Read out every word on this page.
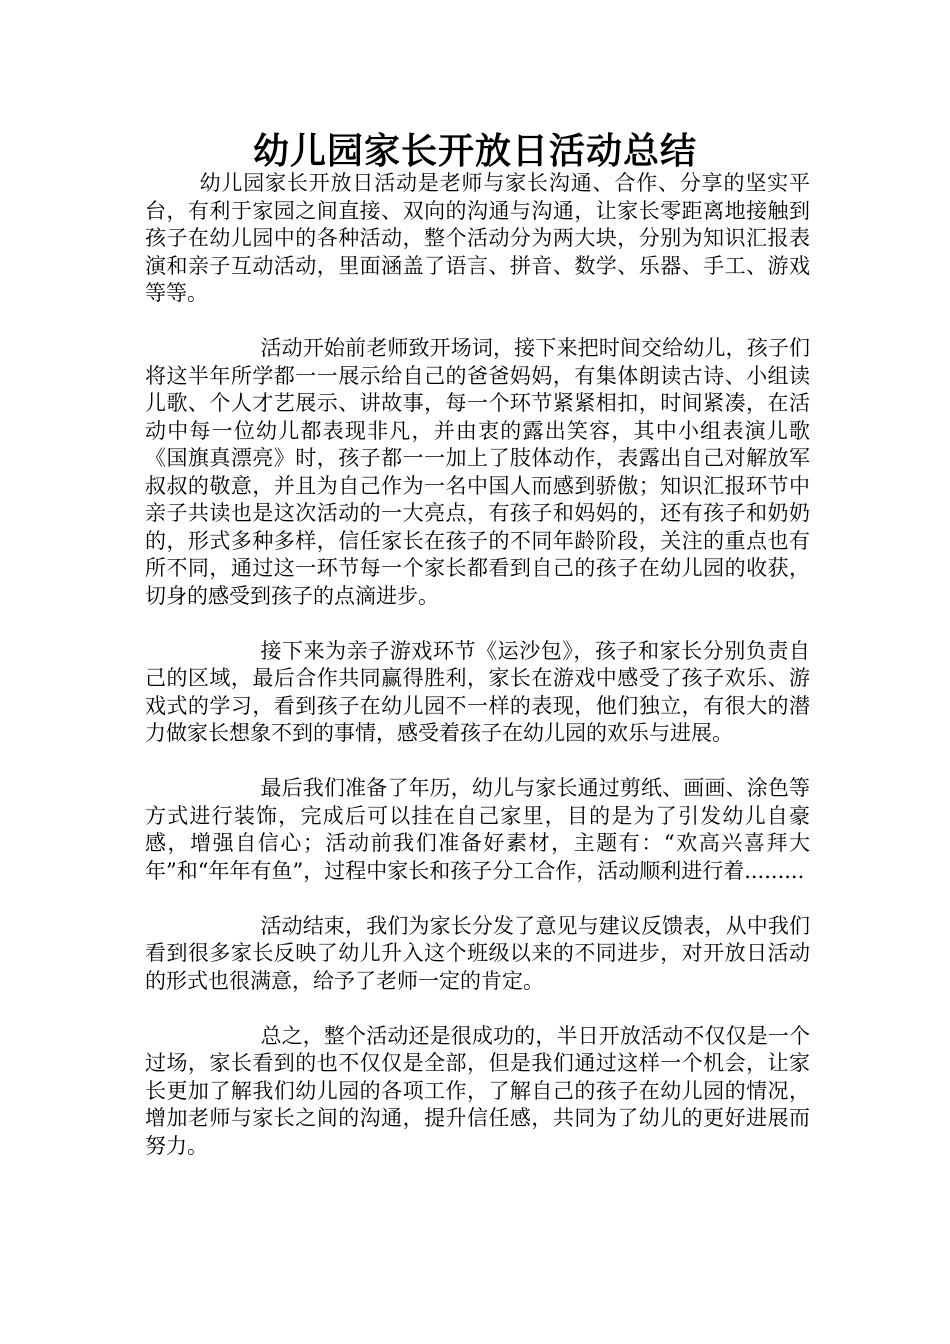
幼儿园家长开放日活动总结

幼儿园家长开放日活动是老师与家长沟通、合作、分享的坚实平台，有利于家园之间直接、双向的沟通与沟通，让家长零距离地接触到孩子在幼儿园中的各种活动，整个活动分为两大块，分别为知识汇报表演和亲子互动活动，里面涵盖了语言、拼音、数学、乐器、手工、游戏等等。

活动开始前老师致开场词，接下来把时间交给幼儿，孩子们将这半年所学都一一展示给自己的爸爸妈妈，有集体朗读古诗、小组读儿歌、个人才艺展示、讲故事，每一个环节紧紧相扣，时间紧凑，在活动中每一位幼儿都表现非凡，并由衷的露出笑容，其中小组表演儿歌《国旗真漂亮》时，孩子都一一加上了肢体动作，表露出自己对解放军叔叔的敬意，并且为自己作为一名中国人而感到骄傲；知识汇报环节中亲子共读也是这次活动的一大亮点，有孩子和妈妈的，还有孩子和奶奶的，形式多种多样，信任家长在孩子的不同年龄阶段，关注的重点也有所不同，通过这一环节每一个家长都看到自己的孩子在幼儿园的收获，切身的感受到孩子的点滴进步。

接下来为亲子游戏环节《运沙包》，孩子和家长分别负责自己的区域，最后合作共同赢得胜利，家长在游戏中感受了孩子欢乐、游戏式的学习，看到孩子在幼儿园不一样的表现，他们独立，有很大的潜力做家长想象不到的事情，感受着孩子在幼儿园的欢乐与进展。

最后我们准备了年历，幼儿与家长通过剪纸、画画、涂色等方式进行装饰，完成后可以挂在自己家里，目的是为了引发幼儿自豪感，增强自信心；活动前我们准备好素材，主题有：“欢高兴喜拜大年”和“年年有鱼”，过程中家长和孩子分工合作，活动顺利进行着.........

活动结束，我们为家长分发了意见与建议反馈表，从中我们看到很多家长反映了幼儿升入这个班级以来的不同进步，对开放日活动的形式也很满意，给予了老师一定的肯定。

总之，整个活动还是很成功的，半日开放活动不仅仅是一个过场，家长看到的也不仅仅是全部，但是我们通过这样一个机会，让家长更加了解我们幼儿园的各项工作，了解自己的孩子在幼儿园的情况，增加老师与家长之间的沟通，提升信任感，共同为了幼儿的更好进展而努力。
